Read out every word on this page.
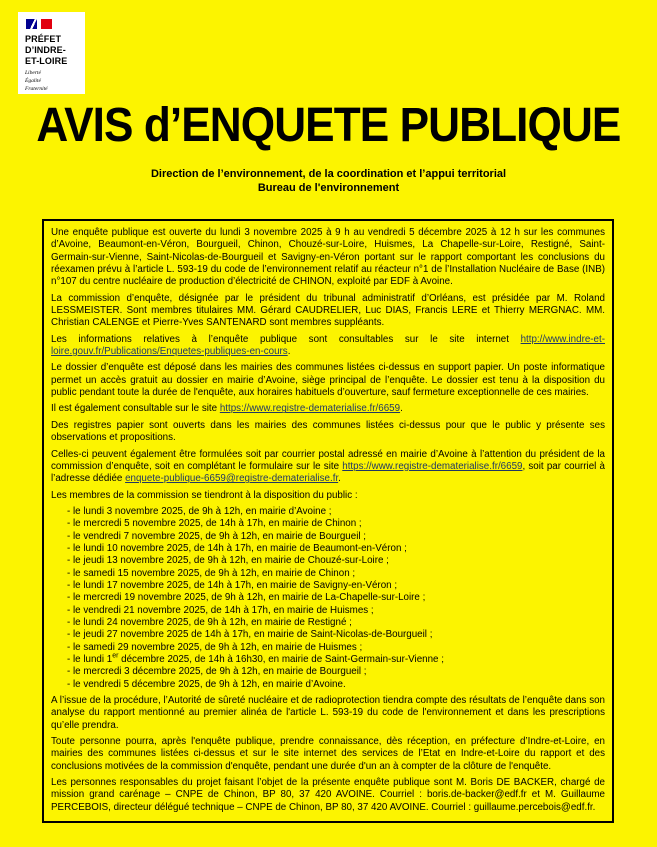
PRÉFET
D’INDRE-
ET-LOIRE
Liberté
Égalité
Fraternité
AVIS d’ENQUETE PUBLIQUE
Direction de l’environnement, de la coordination et l’appui territorial
Bureau de l'environnement

Une enquête publique est ouverte du lundi 3 novembre 2025 à 9 h au vendredi 5 décembre 2025 à 12 h sur les communes d’Avoine, Beaumont-en-Véron, Bourgueil, Chinon, Chouzé-sur-Loire, Huismes, La Chapelle-sur-Loire, Restigné, Saint-Germain-sur-Vienne, Saint-Nicolas-de-Bourgueil et Savigny-en-Véron portant sur le rapport comportant les conclusions du réexamen prévu à l’article L. 593-19 du code de l’environnement relatif au réacteur n°1 de l’Installation Nucléaire de Base (INB) n°107 du centre nucléaire de production d’électricité de CHINON, exploité par EDF à Avoine.

La commission d’enquête, désignée par le président du tribunal administratif d’Orléans, est présidée par M. Roland LESSMEISTER. Sont membres titulaires MM. Gérard CAUDRELIER, Luc DIAS, Francis LERE et Thierry MERGNAC. MM. Christian CALENGE et Pierre-Yves SANTENARD sont membres suppléants.

Les informations relatives à l’enquête publique sont consultables sur le site internet http://www.indre-et-loire.gouv.fr/Publications/Enquetes-publiques-en-cours.

Le dossier d’enquête est déposé dans les mairies des communes listées ci-dessus en support papier. Un poste informatique permet un accès gratuit au dossier en mairie d’Avoine, siège principal de l’enquête. Le dossier est tenu à la disposition du public pendant toute la durée de l'enquête, aux horaires habituels d’ouverture, sauf fermeture exceptionnelle de ces mairies.

Il est également consultable sur le site https://www.registre-dematerialise.fr/6659.

Des registres papier sont ouverts dans les mairies des communes listées ci-dessus pour que le public y présente ses observations et propositions.

Celles-ci peuvent également être formulées soit par courrier postal adressé en mairie d’Avoine à l’attention du président de la commission d’enquête, soit en complétant le formulaire sur le site https://www.registre-dematerialise.fr/6659, soit par courriel à l’adresse dédiée enquete-publique-6659@registre-dematerialise.fr.

Les membres de la commission se tiendront à la disposition du public :

- le lundi 3 novembre 2025, de 9h à 12h, en mairie d’Avoine ;
- le mercredi 5 novembre 2025, de 14h à 17h, en mairie de Chinon ;
- le vendredi 7 novembre 2025, de 9h à 12h, en mairie de Bourgueil ;
- le lundi 10 novembre 2025, de 14h à 17h, en mairie de Beaumont-en-Véron ;
- le jeudi 13 novembre 2025, de 9h à 12h, en mairie de Chouzé-sur-Loire ;
- le samedi 15 novembre 2025, de 9h à 12h, en mairie de Chinon ;
- le lundi 17 novembre 2025, de 14h à 17h, en mairie de Savigny-en-Véron ;
- le mercredi 19 novembre 2025, de 9h à 12h, en mairie de La-Chapelle-sur-Loire ;
- le vendredi 21 novembre 2025, de 14h à 17h, en mairie de Huismes ;
- le lundi 24 novembre 2025, de 9h à 12h, en mairie de Restigné ;
- le jeudi 27 novembre 2025 de 14h à 17h, en mairie de Saint-Nicolas-de-Bourgueil ;
- le samedi 29 novembre 2025, de 9h à 12h, en mairie de Huismes ;
- le lundi 1er décembre 2025, de 14h à 16h30, en mairie de Saint-Germain-sur-Vienne ;
- le mercredi 3 décembre 2025, de 9h à 12h, en mairie de Bourgueil ;
- le vendredi 5 décembre 2025, de 9h à 12h, en mairie d’Avoine.

A l’issue de la procédure, l’Autorité de sûreté nucléaire et de radioprotection tiendra compte des résultats de l’enquête dans son analyse du rapport mentionné au premier alinéa de l'article L. 593-19 du code de l'environnement et dans les prescriptions qu’elle prendra.

Toute personne pourra, après l'enquête publique, prendre connaissance, dès réception, en préfecture d’Indre-et-Loire, en mairies des communes listées ci-dessus et sur le site internet des services de l’Etat en Indre-et-Loire du rapport et des conclusions motivées de la commission d'enquête, pendant une durée d'un an à compter de la clôture de l'enquête.

Les personnes responsables du projet faisant l’objet de la présente enquête publique sont M. Boris DE BACKER, chargé de mission grand carénage – CNPE de Chinon, BP 80, 37 420 AVOINE. Courriel : boris.de-backer@edf.fr et M. Guillaume PERCEBOIS, directeur délégué technique – CNPE de Chinon, BP 80, 37 420 AVOINE. Courriel : guillaume.percebois@edf.fr.
